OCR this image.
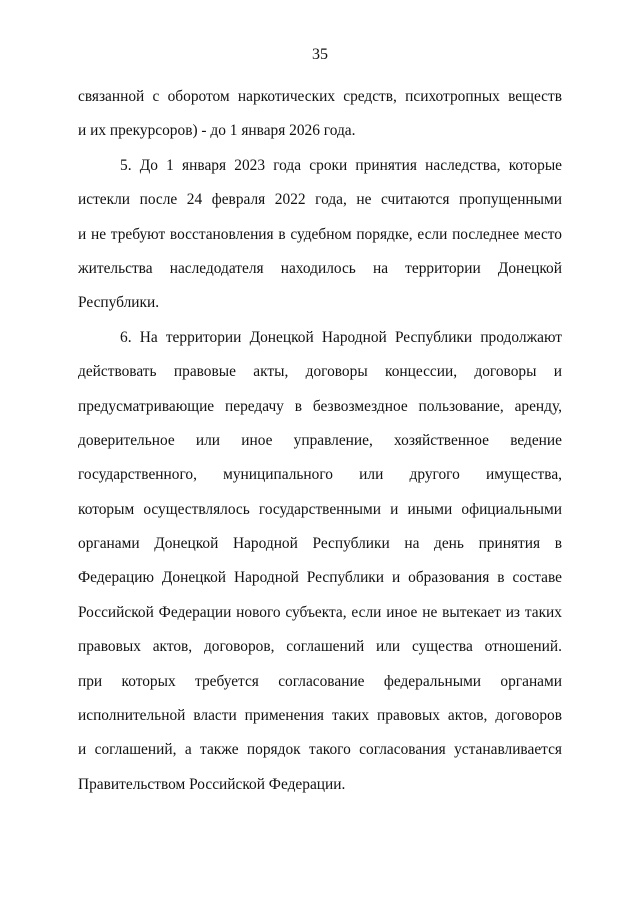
35
связанной с оборотом наркотических средств, психотропных веществ
и их прекурсоров) - до 1 января 2026 года.
5. До 1 января 2023 года сроки принятия наследства, которые
истекли после 24 февраля 2022 года, не считаются пропущенными
и не требуют восстановления в судебном порядке, если последнее место
жительства наследодателя находилось на территории Донецкой
Республики.
6. На территории Донецкой Народной Республики продолжают
действовать правовые акты, договоры концессии, договоры и
предусматривающие передачу в безвозмездное пользование, аренду,
доверительное или иное управление, хозяйственное ведение
государственного, муниципального или другого имущества,
которым осуществлялось государственными и иными официальными
органами Донецкой Народной Республики на день принятия в
Федерацию Донецкой Народной Республики и образования в составе
Российской Федерации нового субъекта, если иное не вытекает из таких
правовых актов, договоров, соглашений или существа отношений.
при которых требуется согласование федеральными органами
исполнительной власти применения таких правовых актов, договоров
и соглашений, а также порядок такого согласования устанавливается
Правительством Российской Федерации.
